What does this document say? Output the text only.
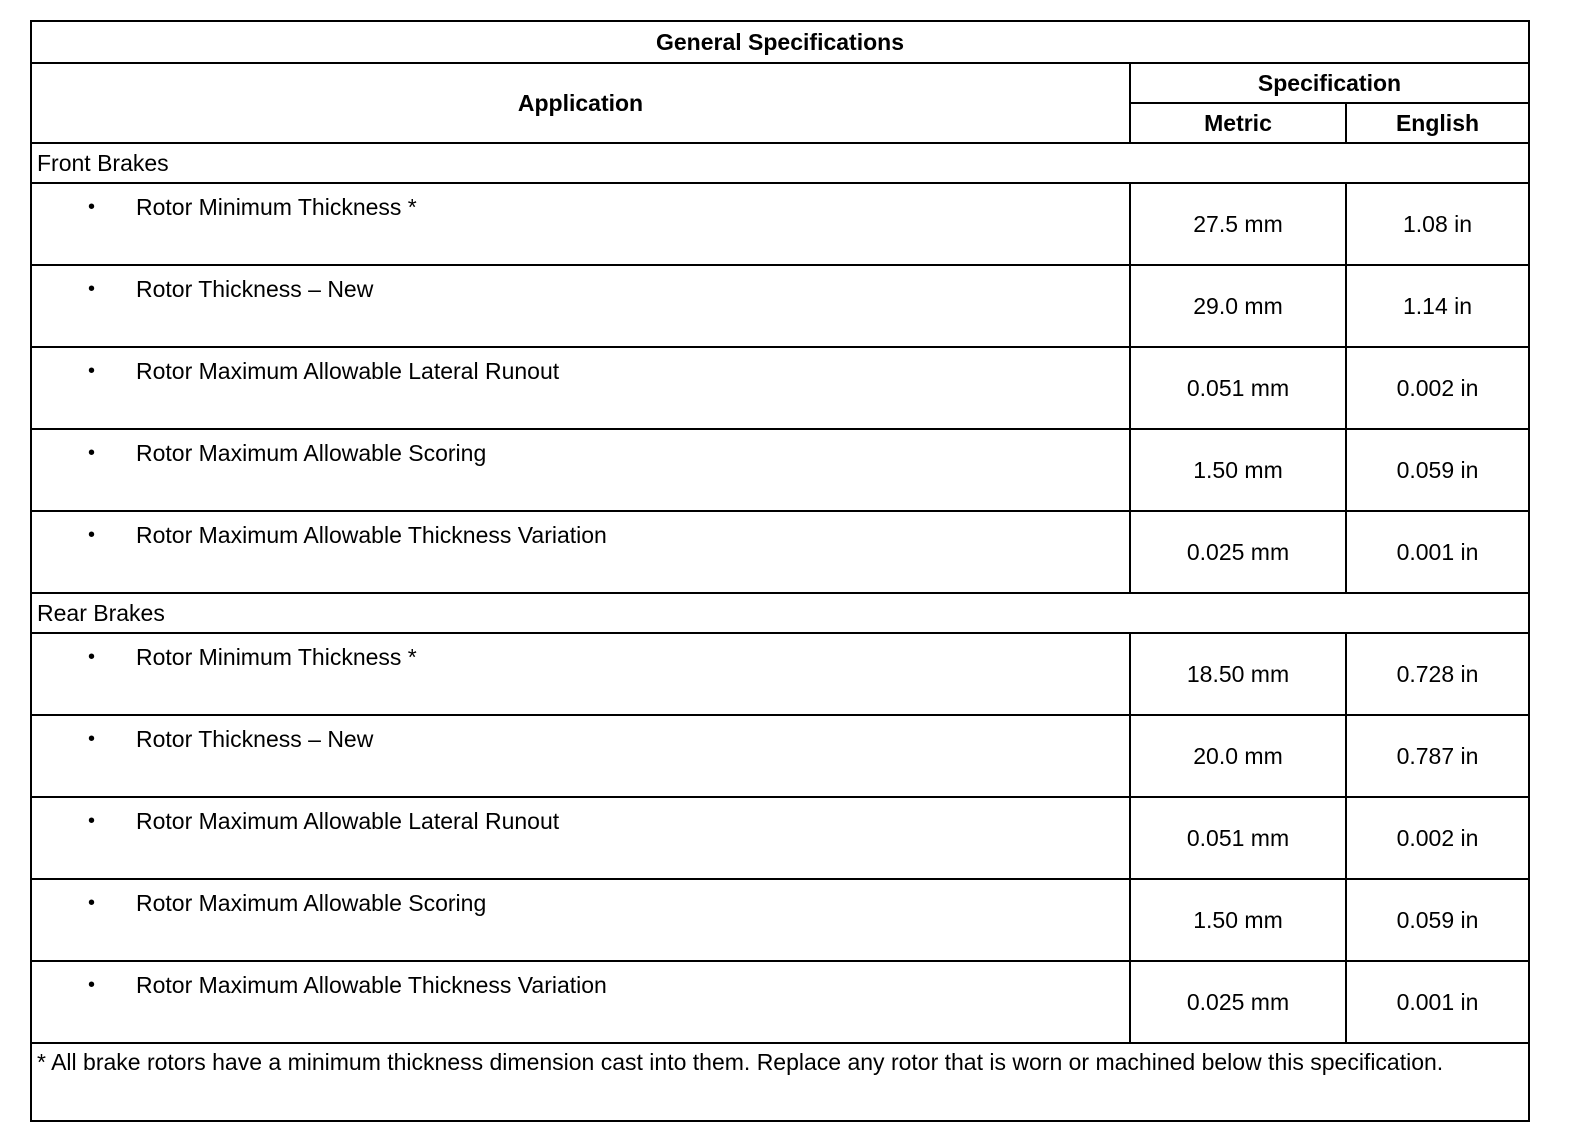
General Specifications		
Application	Specification	
	Metric	English
Front Brakes		

• Rotor Minimum Thickness *	27.5 mm	1.08 in

• Rotor Thickness – New	29.0 mm	1.14 in

• Rotor Maximum Allowable Lateral Runout	0.051 mm	0.002 in

• Rotor Maximum Allowable Scoring	1.50 mm	0.059 in

• Rotor Maximum Allowable Thickness Variation	0.025 mm	0.001 in
Rear Brakes		

• Rotor Minimum Thickness *	18.50 mm	0.728 in

• Rotor Thickness – New	20.0 mm	0.787 in

• Rotor Maximum Allowable Lateral Runout	0.051 mm	0.002 in

• Rotor Maximum Allowable Scoring	1.50 mm	0.059 in

• Rotor Maximum Allowable Thickness Variation	0.025 mm	0.001 in
* All brake rotors have a minimum thickness dimension cast into them. Replace any rotor that is worn or machined below this specification.		
